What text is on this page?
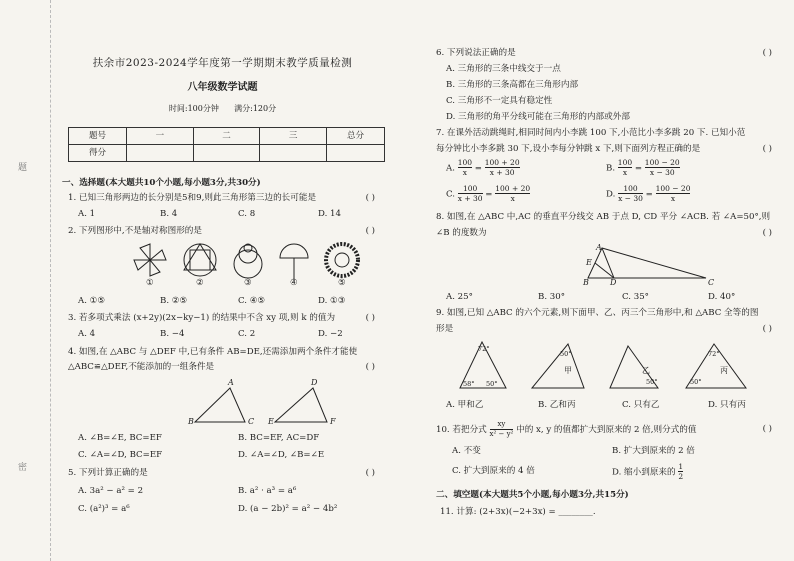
题
密
扶余市2023-2024学年度第一学期期末教学质量检测
八年级数学试题
时间:100分钟 满分:120分
题号	一	二	三	总分
得分				
一、选择题(本大题共10个小题,每小题3分,共30分)
1. 已知三角形两边的长分别是5和9,则此三角形第三边的长可能是	( )
A. 1	B. 4	C. 8	D. 14
2. 下列图形中,不是轴对称图形的是	( )
①	②	③	④	⑤
A. ①⑤	B. ②⑤	C. ④⑤	D. ①③
3. 若多项式乘法 (x+2y)(2x−ky−1) 的结果中不含 xy 项,则 k 的值为	( )
A. 4	B. −4	C. 2	D. −2
4. 如图,在 △ABC 与 △DEF 中,已有条件 AB=DE,还需添加两个条件才能使
△ABC≌△DEF,不能添加的一组条件是	( )
A
B	C
D
E	F
A. ∠B=∠E, BC=EF	B. BC=EF, AC=DF
C. ∠A=∠D, BC=EF	D. ∠A=∠D, ∠B=∠E
5. 下列计算正确的是	( )
A. 3a² − a² = 2	B. a² · a³ = a⁶
C. (a²)³ = a⁶	D. (a − 2b)² = a² − 4b²
6. 下列说法正确的是	( )
A. 三角形的三条中线交于一点
B. 三角形的三条高都在三角形内部
C. 三角形不一定具有稳定性
D. 三角形的角平分线可能在三角形的内部或外部
7. 在课外活动跳绳时,相同时间内小李跳 100 下,小范比小李多跳 20 下. 已知小范
每分钟比小李多跳 30 下,设小李每分钟跳 x 下,则下面列方程正确的是	( )
A. $\frac{100}{x} = \frac{100 + 20}{x + 30}$	B. $\frac{100}{x} = \frac{100 - 20}{x - 30}$
C. $\frac{100}{x + 30} = \frac{100 + 20}{x}$	D. $\frac{100}{x - 30} = \frac{100 - 20}{x}$
8. 如图,在 △ABC 中,AC 的垂直平分线交 AB 于点 D, CD 平分 ∠ACB. 若 ∠A=50°,则
∠B 的度数为	( )
A
B	C
D
E
A. 25°	B. 30°	C. 35°	D. 40°
9. 如图,已知 △ABC 的六个元素,则下面甲、乙、丙三个三角形中,和 △ABC 全等的图
形是	( )
72°
58° 50°
甲	乙	丙
50°
50°
72°
50°
A. 甲和乙	B. 乙和丙	C. 只有乙	D. 只有丙
10. 若把分式 $\frac{xy}{\text{x² − y²}}$ 中的 x, y 的值都扩大到原来的 2 倍,则分式的值	( )
A. 不变	B. 扩大到原来的 2 倍
C. 扩大到原来的 4 倍	D. 缩小到原来的 $\frac{1}{2}$
二、填空题(本大题共5个小题,每小题3分,共15分)
11. 计算: (2+3x)(−2+3x) = ________.
